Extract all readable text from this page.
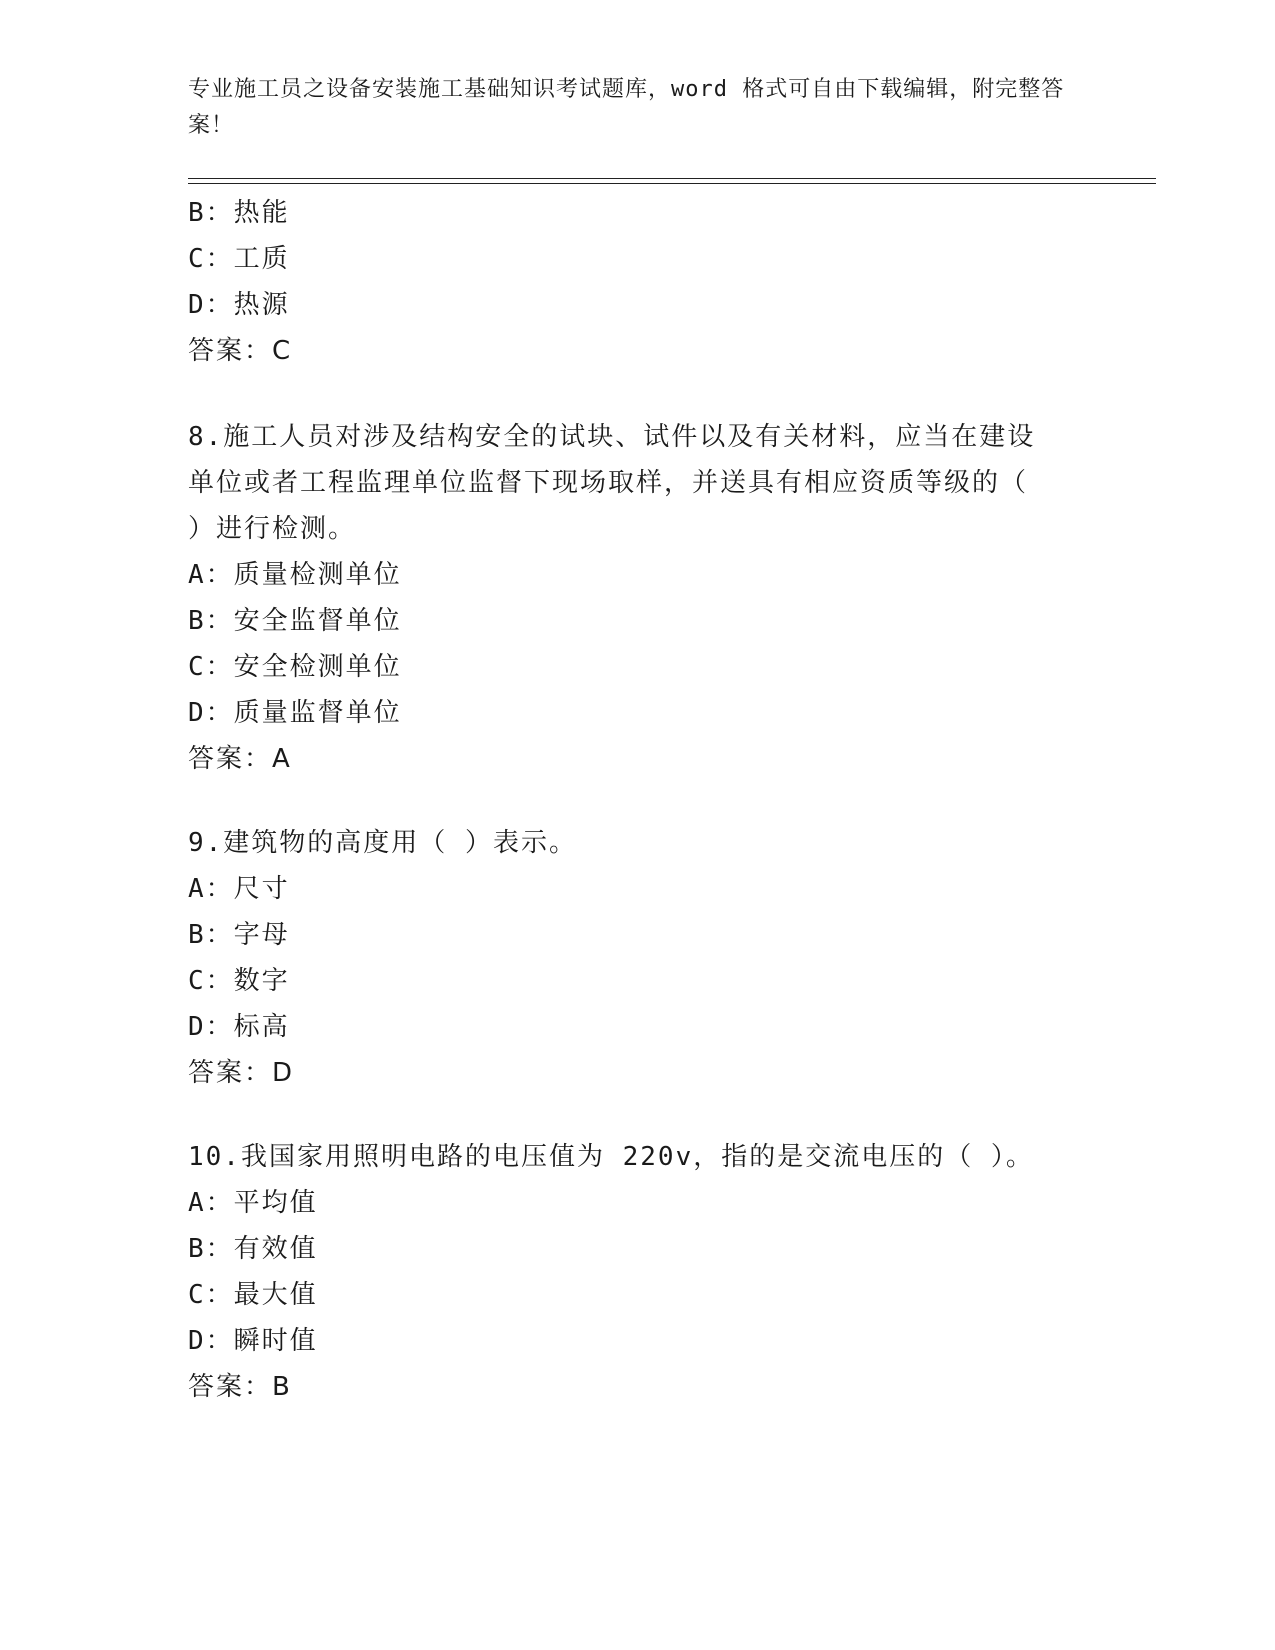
专业施工员之设备安装施工基础知识考试题库，word 格式可自由下载编辑，附完整答案！
B：热能
C：工质
D：热源
答案：C
8.施工人员对涉及结构安全的试块、试件以及有关材料，应当在建设
单位或者工程监理单位监督下现场取样，并送具有相应资质等级的（
）进行检测。
A：质量检测单位
B：安全监督单位
C：安全检测单位
D：质量监督单位
答案：A
9.建筑物的高度用（ ）表示。
A：尺寸
B：字母
C：数字
D：标高
答案：D
10.我国家用照明电路的电压值为 220v，指的是交流电压的（ ）。
A：平均值
B：有效值
C：最大值
D：瞬时值
答案：B
